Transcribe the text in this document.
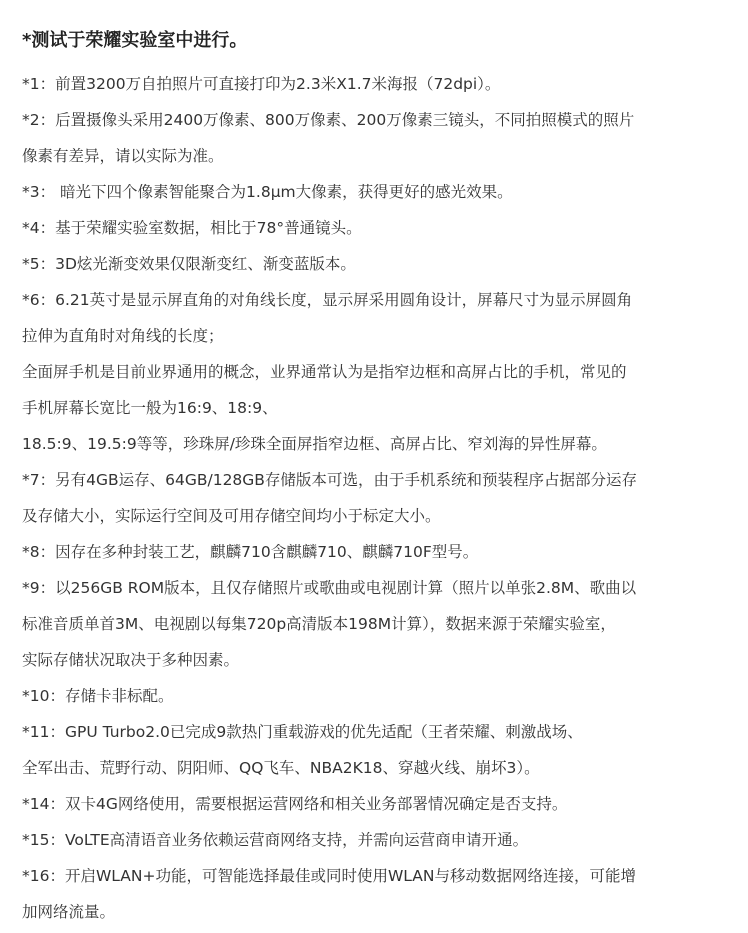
*测试于荣耀实验室中进行。
*1：前置3200万自拍照片可直接打印为2.3米X1.7米海报（72dpi）。
*2：后置摄像头采用2400万像素、800万像素、200万像素三镜头，不同拍照模式的照片
像素有差异，请以实际为准。
*3： 暗光下四个像素智能聚合为1.8μm大像素，获得更好的感光效果。
*4：基于荣耀实验室数据，相比于78°普通镜头。
*5：3D炫光渐变效果仅限渐变红、渐变蓝版本。
*6：6.21英寸是显示屏直角的对角线长度，显示屏采用圆角设计，屏幕尺寸为显示屏圆角
拉伸为直角时对角线的长度；
全面屏手机是目前业界通用的概念，业界通常认为是指窄边框和高屏占比的手机，常见的
手机屏幕长宽比一般为16:9、18:9、
18.5:9、19.5:9等等，珍珠屏/珍珠全面屏指窄边框、高屏占比、窄刘海的异性屏幕。
*7：另有4GB运存、64GB/128GB存储版本可选，由于手机系统和预装程序占据部分运存
及存储大小，实际运行空间及可用存储空间均小于标定大小。
*8：因存在多种封装工艺，麒麟710含麒麟710、麒麟710F型号。
*9：以256GB ROM版本，且仅存储照片或歌曲或电视剧计算（照片以单张2.8M、歌曲以
标准音质单首3M、电视剧以每集720p高清版本198M计算），数据来源于荣耀实验室，
实际存储状况取决于多种因素。
*10：存储卡非标配。
*11：GPU Turbo2.0已完成9款热门重载游戏的优先适配（王者荣耀、刺激战场、
全军出击、荒野行动、阴阳师、QQ飞车、NBA2K18、穿越火线、崩坏3）。
*14：双卡4G网络使用，需要根据运营网络和相关业务部署情况确定是否支持。
*15：VoLTE高清语音业务依赖运营商网络支持，并需向运营商申请开通。
*16：开启WLAN+功能，可智能选择最佳或同时使用WLAN与移动数据网络连接，可能增
加网络流量。
